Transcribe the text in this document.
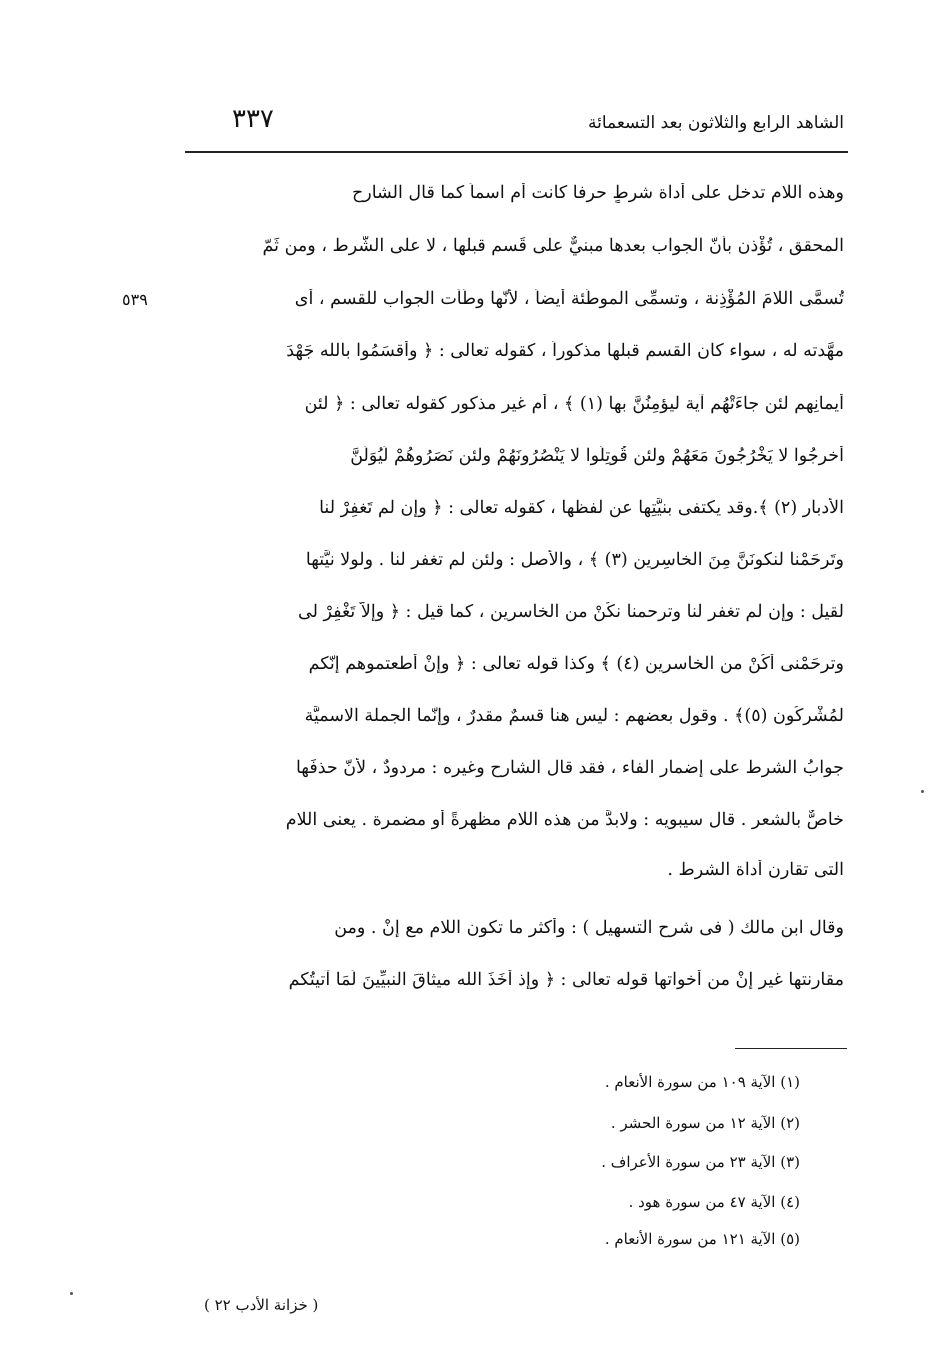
الشاهد الرابع والثلاثون بعد التسعمائة
٣٣٧
٥٣٩
وهذه اللام تدخل على أداة شرطٍ حرفا كانت أم اسماً كما قال الشارح
المحقق ، تُؤْذن بأنّ الجواب بعدها مبنيٌّ على قَسم قبلها ، لا على الشَّرط ، ومن ثَمّ
تُسمَّى اللامَ المُؤْذِنة ، وتسمِّى الموطِّئة أيضاً ، لأنّها وطّأت الجواب للقسم ، أى
مهَّدته له ، سواء كان القسم قبلها مذكوراً ، كقوله تعالى : ﴿ وأقسَمُوا بالله جَهْدَ
أيمانِهم لئن جاءَتْهُم آية ليؤمِنُنَّ بها (١) ﴾ ، أم غير مذكور كقوله تعالى : ﴿ لئن
أُخرجُوا لا يَخْرُجُونَ مَعَهُمْ ولئن قُوتِلُوا لا يَنْصُرُونَهُمْ ولئن نَصَرُوهُمْ لَيُوَلُّنَّ
الأدبار (٢) ﴾.وقد يكتفى بنيَّتِها عن لفظها ، كقوله تعالى : ﴿ وإن لم تَغفِرْ لنا
وتَرحَمْنا لنكونَنَّ مِنَ الخاسِرِين (٣) ﴾ ، والأصل : ولئن لم تغفر لنا . ولولا نيَّتها
لقيل : وإن لم تغفر لنا وترحمنا نكُنْ من الخاسرين ، كما قيل : ﴿ وإلاّ تَغْفِرْ لى
وترحَمْنى أَكُنْ من الخاسرين (٤) ﴾ وكذا قوله تعالى : ﴿ وإنْ أطعتموهم إنّكم
لمُشْرِكُون (٥)﴾ . وقول بعضهم : ليس هنا قسمٌ مقدرٌ ، وإنّما الجملة الاسميَّة
جوابُ الشرط على إضمار الفاء ، فقد قال الشارح وغيره : مردودٌ ، لأنّ حذفَها
خاصٌّ بالشعر . قال سيبويه : ولابدَّ من هذه اللامِ مظهرةً أو مضمرة . يعنى اللام
التى تقارن أداة الشرط .
وقال ابن مالك ( فى شرح التسهيل ) : وأكثر ما تكون اللام مع إنْ . ومن
مقارنتها غير إنْ من أخواتها قوله تعالى : ﴿ وإذ أخَذَ الله ميثاقَ النبيِّينَ لَمَا آتيتُكم
(١) الآية ١٠٩ من سورة الأنعام .
(٢) الآية ١٢ من سورة الحشر .
(٣) الآية ٢٣ من سورة الأعراف .
(٤) الآية ٤٧ من سورة هود .
(٥) الآية ١٢١ من سورة الأنعام .
( خزانة الأدب ٢٢ )
